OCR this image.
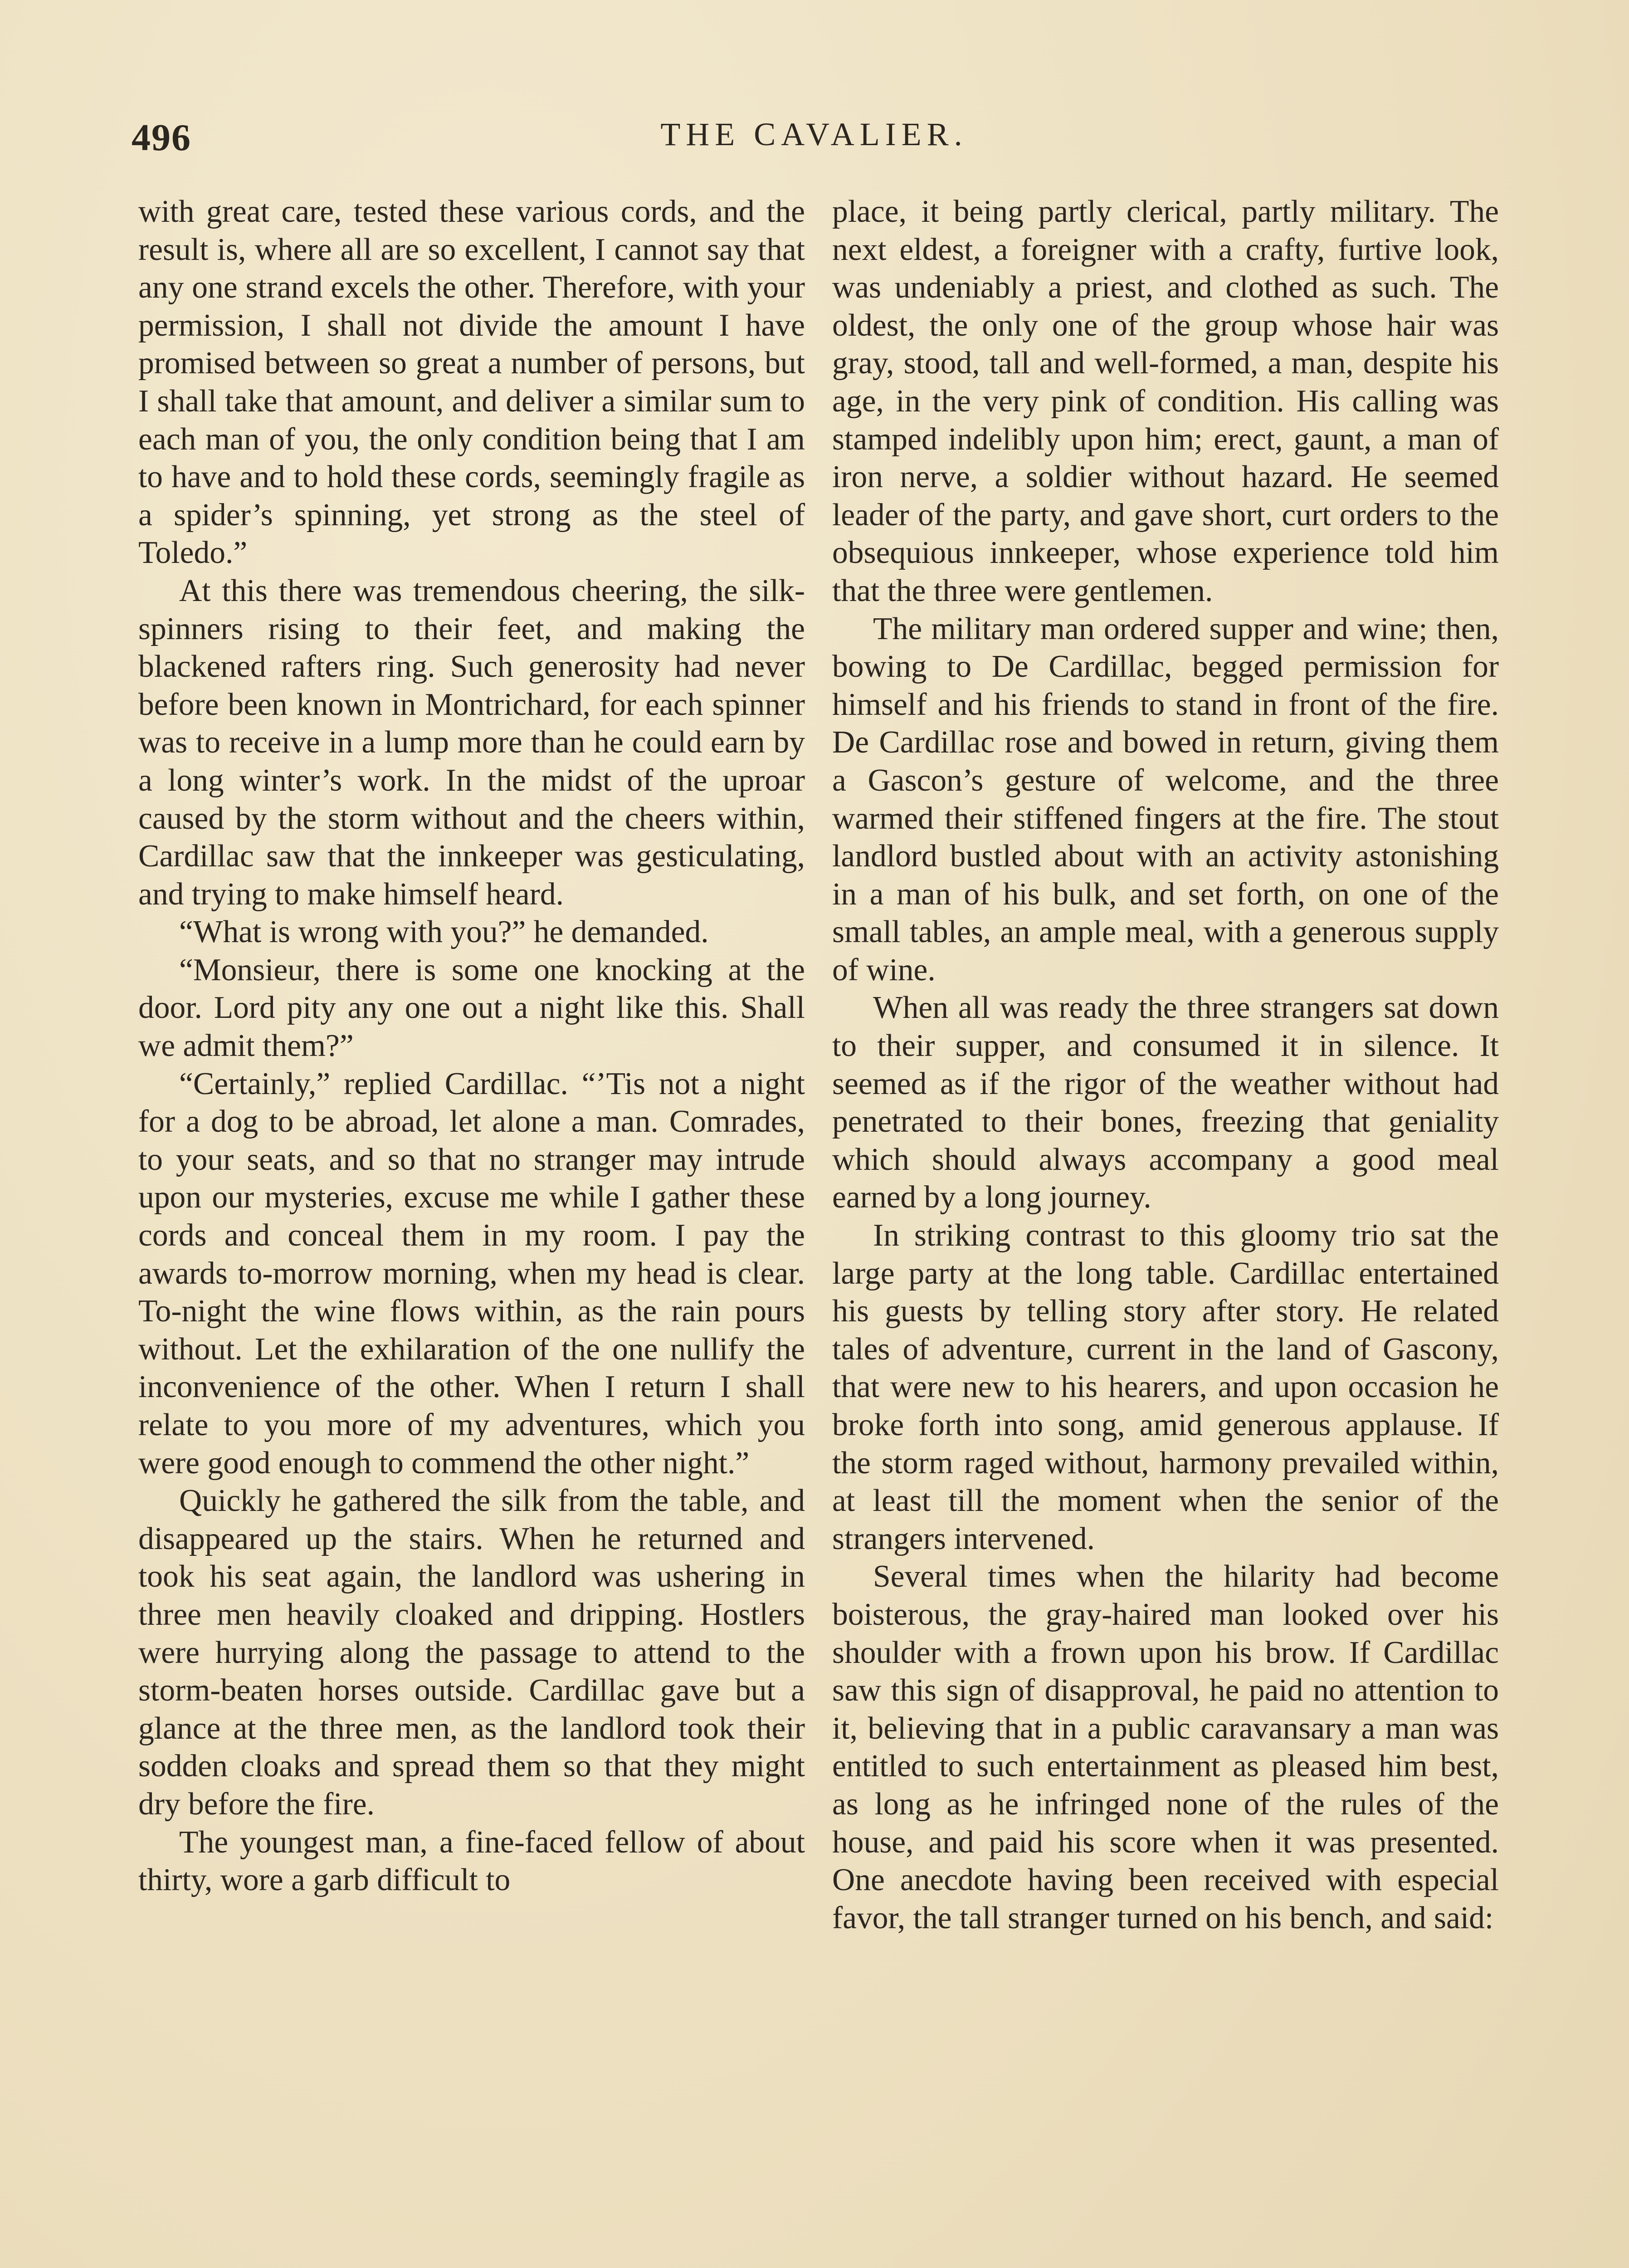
496	THE CAVALIER.

with great care, tested these various cords, and the result is, where all are so excellent, I cannot say that any one strand excels the other. Therefore, with your permission, I shall not divide the amount I have promised between so great a number of persons, but I shall take that amount, and deliver a similar sum to each man of you, the only condition being that I am to have and to hold these cords, seemingly fragile as a spider’s spinning, yet strong as the steel of Toledo.”

At this there was tremendous cheering, the silk-spinners rising to their feet, and making the blackened rafters ring. Such generosity had never before been known in Montrichard, for each spinner was to receive in a lump more than he could earn by a long winter’s work. In the midst of the uproar caused by the storm without and the cheers within, Cardillac saw that the innkeeper was gesticulating, and trying to make himself heard.

“What is wrong with you?” he demanded.

“Monsieur, there is some one knocking at the door. Lord pity any one out a night like this. Shall we admit them?”

“Certainly,” replied Cardillac. “’Tis not a night for a dog to be abroad, let alone a man. Comrades, to your seats, and so that no stranger may intrude upon our mysteries, excuse me while I gather these cords and conceal them in my room. I pay the awards to-morrow morning, when my head is clear. To-night the wine flows within, as the rain pours without. Let the exhilaration of the one nullify the inconvenience of the other. When I return I shall relate to you more of my adventures, which you were good enough to commend the other night.”

Quickly he gathered the silk from the table, and disappeared up the stairs. When he returned and took his seat again, the landlord was ushering in three men heavily cloaked and dripping. Hostlers were hurrying along the passage to attend to the storm-beaten horses outside. Cardillac gave but a glance at the three men, as the landlord took their sodden cloaks and spread them so that they might dry before the fire.

The youngest man, a fine-faced fellow of about thirty, wore a garb difficult to

place, it being partly clerical, partly military. The next eldest, a foreigner with a crafty, furtive look, was undeniably a priest, and clothed as such. The oldest, the only one of the group whose hair was gray, stood, tall and well-formed, a man, despite his age, in the very pink of condition. His calling was stamped indelibly upon him; erect, gaunt, a man of iron nerve, a soldier without hazard. He seemed leader of the party, and gave short, curt orders to the obsequious innkeeper, whose experience told him that the three were gentlemen.

The military man ordered supper and wine; then, bowing to De Cardillac, begged permission for himself and his friends to stand in front of the fire. De Cardillac rose and bowed in return, giving them a Gascon’s gesture of welcome, and the three warmed their stiffened fingers at the fire. The stout landlord bustled about with an activity astonishing in a man of his bulk, and set forth, on one of the small tables, an ample meal, with a generous supply of wine.

When all was ready the three strangers sat down to their supper, and consumed it in silence. It seemed as if the rigor of the weather without had penetrated to their bones, freezing that geniality which should always accompany a good meal earned by a long journey.

In striking contrast to this gloomy trio sat the large party at the long table. Cardillac entertained his guests by telling story after story. He related tales of adventure, current in the land of Gascony, that were new to his hearers, and upon occasion he broke forth into song, amid generous applause. If the storm raged without, harmony prevailed within, at least till the moment when the senior of the strangers intervened.

Several times when the hilarity had become boisterous, the gray-haired man looked over his shoulder with a frown upon his brow. If Cardillac saw this sign of disapproval, he paid no attention to it, believing that in a public caravansary a man was entitled to such entertainment as pleased him best, as long as he infringed none of the rules of the house, and paid his score when it was presented. One anecdote having been received with especial favor, the tall stranger turned on his bench, and said:
